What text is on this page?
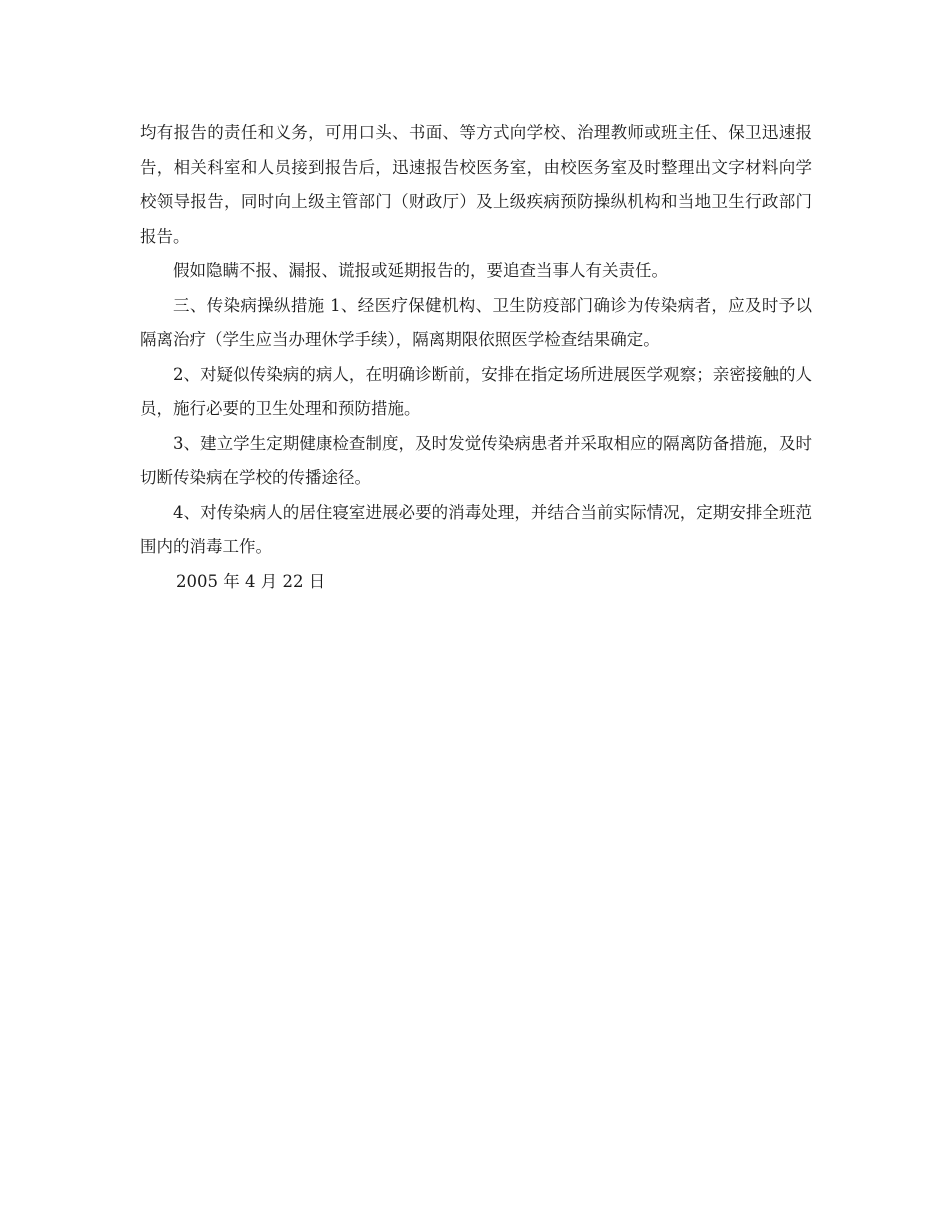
均有报告的责任和义务，可用口头、书面、等方式向学校、治理教师或班主任、保卫迅速报告，相关科室和人员接到报告后，迅速报告校医务室，由校医务室及时整理出文字材料向学校领导报告，同时向上级主管部门（财政厅）及上级疾病预防操纵机构和当地卫生行政部门报告。

假如隐瞒不报、漏报、谎报或延期报告的，要追查当事人有关责任。

三、传染病操纵措施 1、经医疗保健机构、卫生防疫部门确诊为传染病者，应及时予以隔离治疗（学生应当办理休学手续），隔离期限依照医学检查结果确定。

2、对疑似传染病的病人，在明确诊断前，安排在指定场所进展医学观察；亲密接触的人员，施行必要的卫生处理和预防措施。

3、建立学生定期健康检查制度，及时发觉传染病患者并采取相应的隔离防备措施，及时切断传染病在学校的传播途径。

4、对传染病人的居住寝室进展必要的消毒处理，并结合当前实际情况，定期安排全班范围内的消毒工作。

2005 年 4 月 22 日
